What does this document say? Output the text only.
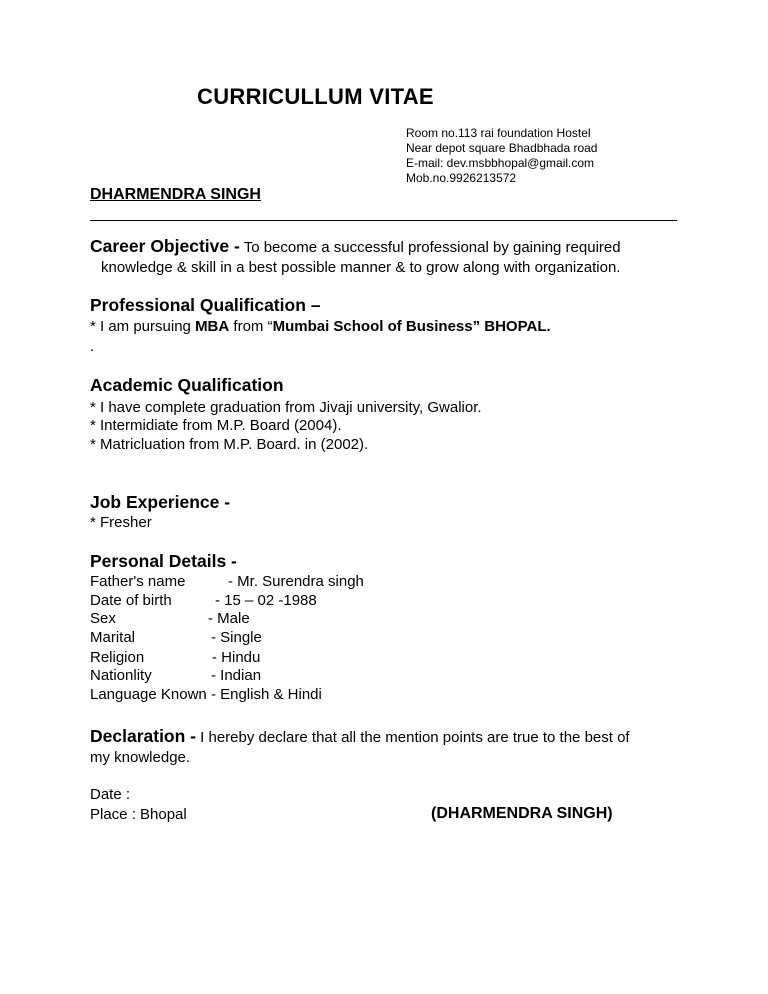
CURRICULLUM VITAE
Room no.113 rai foundation Hostel
Near depot square Bhadbhada road
E-mail: dev.msbbhopal@gmail.com
Mob.no.9926213572
DHARMENDRA SINGH
Career Objective - To become a successful professional by gaining required
knowledge & skill in a best possible manner & to grow along with organization.
Professional Qualification –
* I am pursuing MBA from “Mumbai School of Business” BHOPAL.
.
Academic Qualification
* I have complete graduation from Jivaji university, Gwalior.
* Intermidiate from M.P. Board (2004).
* Matricluation from M.P. Board. in (2002).
Job Experience -
* Fresher
Personal Details -
Father's name	- Mr. Surendra singh
Date of birth	- 15 – 02 -1988
Sex	- Male
Marital	- Single
Religion	- Hindu
Nationlity	- Indian
Language Known - English & Hindi
Declaration - I hereby declare that all the mention points are true to the best of
my knowledge.
Date :
Place : Bhopal	(DHARMENDRA SINGH)
